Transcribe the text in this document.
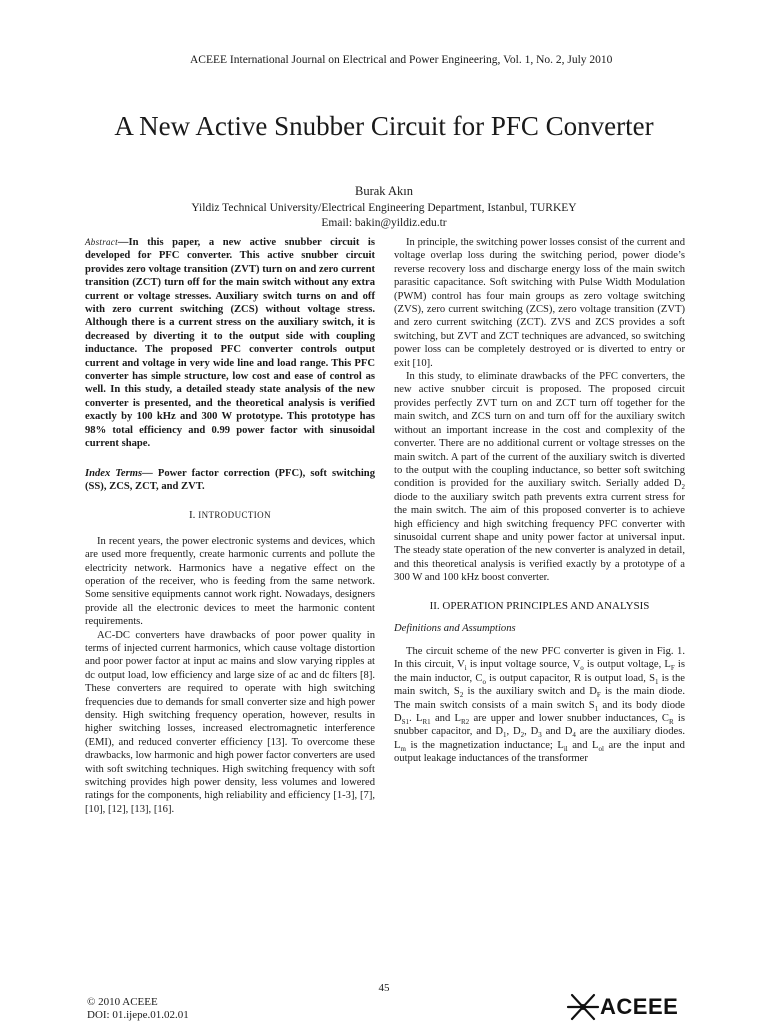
ACEEE International Journal on Electrical and Power Engineering, Vol. 1, No. 2, July 2010
A New Active Snubber Circuit for PFC Converter
Burak Akın
Yildiz Technical University/Electrical Engineering Department, Istanbul, TURKEY
Email: bakin@yildiz.edu.tr

Abstract—In this paper, a new active snubber circuit is developed for PFC converter. This active snubber circuit provides zero voltage transition (ZVT) turn on and zero current transition (ZCT) turn off for the main switch without any extra current or voltage stresses. Auxiliary switch turns on and off with zero current switching (ZCS) without voltage stress. Although there is a current stress on the auxiliary switch, it is decreased by diverting it to the output side with coupling inductance. The proposed PFC converter controls output current and voltage in very wide line and load range. This PFC converter has simple structure, low cost and ease of control as well. In this study, a detailed steady state analysis of the new converter is presented, and the theoretical analysis is verified exactly by 100 kHz and 300 W prototype. This prototype has 98% total efficiency and 0.99 power factor with sinusoidal current shape.

Index Terms— Power factor correction (PFC), soft switching (SS), ZCS, ZCT, and ZVT.

I. INTRODUCTION

In recent years, the power electronic systems and devices, which are used more frequently, create harmonic currents and pollute the electricity network. Harmonics have a negative effect on the operation of the receiver, who is feeding from the same network. Some sensitive equipments cannot work right. Nowadays, designers provide all the electronic devices to meet the harmonic content requirements.

AC-DC converters have drawbacks of poor power quality in terms of injected current harmonics, which cause voltage distortion and poor power factor at input ac mains and slow varying ripples at dc output load, low efficiency and large size of ac and dc filters [8]. These converters are required to operate with high switching frequencies due to demands for small converter size and high power density. High switching frequency operation, however, results in higher switching losses, increased electromagnetic interference (EMI), and reduced converter efficiency [13]. To overcome these drawbacks, low harmonic and high power factor converters are used with soft switching techniques. High switching frequency with soft switching provides high power density, less volumes and lowered ratings for the components, high reliability and efficiency [1-3], [7], [10], [12], [13], [16].

In principle, the switching power losses consist of the current and voltage overlap loss during the switching period, power diode’s reverse recovery loss and discharge energy loss of the main switch parasitic capacitance. Soft switching with Pulse Width Modulation (PWM) control has four main groups as zero voltage switching (ZVS), zero current switching (ZCS), zero voltage transition (ZVT) and zero current switching (ZCT). ZVS and ZCS provides a soft switching, but ZVT and ZCT techniques are advanced, so switching power loss can be completely destroyed or is diverted to entry or exit [10].

In this study, to eliminate drawbacks of the PFC converters, the new active snubber circuit is proposed. The proposed circuit provides perfectly ZVT turn on and ZCT turn off together for the main switch, and ZCS turn on and turn off for the auxiliary switch without an important increase in the cost and complexity of the converter. There are no additional current or voltage stresses on the main switch. A part of the current of the auxiliary switch is diverted to the output with the coupling inductance, so better soft switching condition is provided for the auxiliary switch. Serially added $D_2$ diode to the auxiliary switch path prevents extra current stress for the main switch. The aim of this proposed converter is to achieve high efficiency and high switching frequency PFC converter with sinusoidal current shape and unity power factor at universal input. The steady state operation of the new converter is analyzed in detail, and this theoretical analysis is verified exactly by a prototype of a 300 W and 100 kHz boost converter.

II. OPERATION PRINCIPLES AND ANALYSIS

Definitions and Assumptions

The circuit scheme of the new PFC converter is given in Fig. 1. In this circuit, $V_i$ is input voltage source, $V_o$ is output voltage, $L_F$ is the main inductor, $C_o$ is output capacitor, R is output load, $S_1$ is the main switch, $S_2$ is the auxiliary switch and $D_F$ is the main diode. The main switch consists of a main switch $S_1$ and its body diode $D_{S1}$. $L_{R1}$ and $L_{R2}$ are upper and lower snubber inductances, $C_R$ is snubber capacitor, and $D_1$, $D_2$, $D_3$ and $D_4$ are the auxiliary diodes. $L_m$ is the magnetization inductance; $L_{il}$ and $L_{ol}$ are the input and output leakage inductances of the transformer

45
© 2010 ACEEE
DOI: 01.ijepe.01.02.01	ACEEE
